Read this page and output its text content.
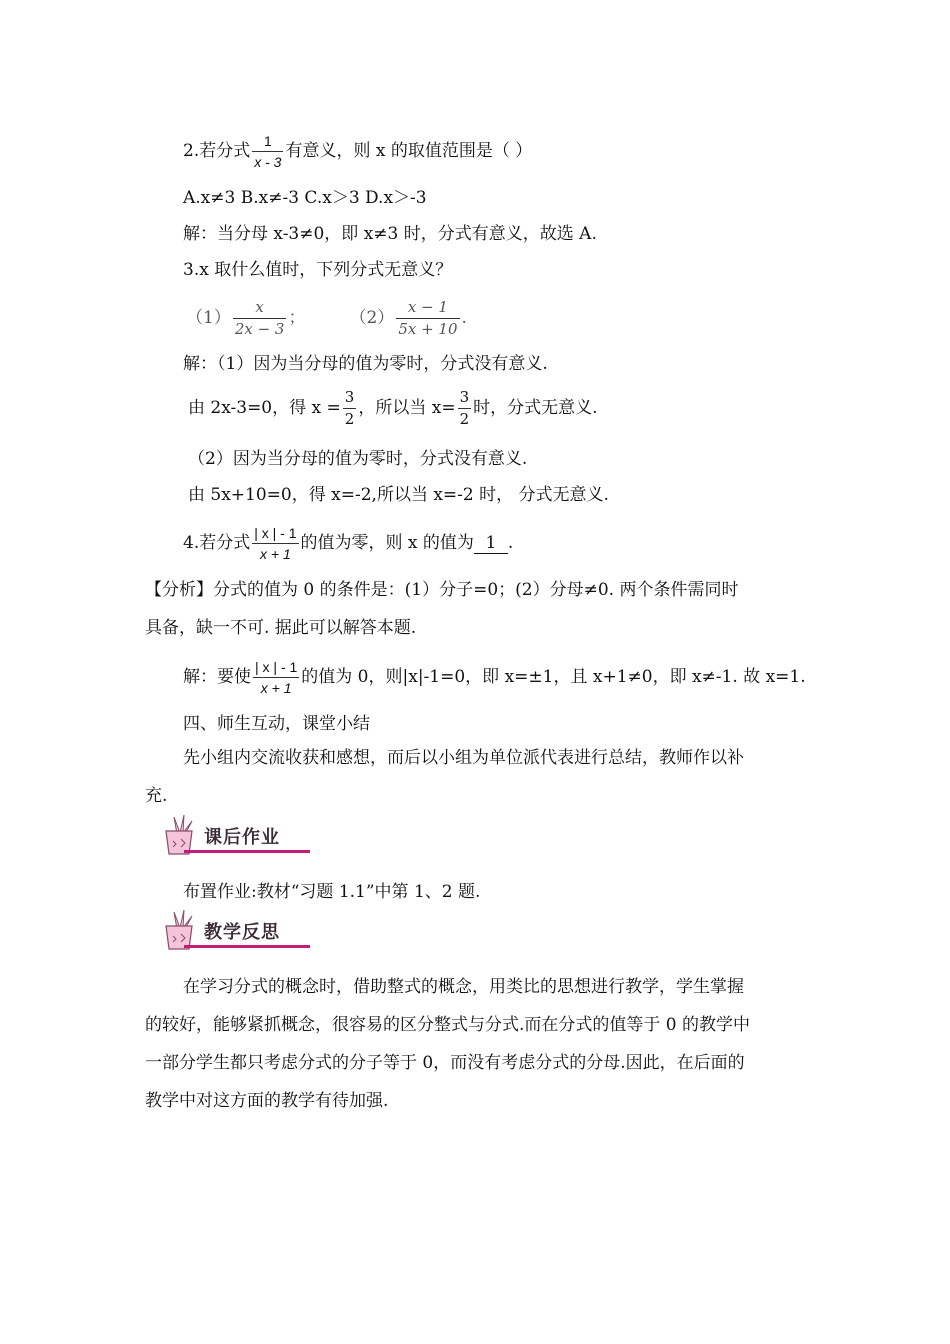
2.若分式 $\frac{1}{x - 3}$ 有意义，则 x 的取值范围是（ ）
A.x≠3 B.x≠-3 C.x＞3 D.x＞-3
解：当分母 x-3≠0，即 x≠3 时，分式有意义，故选 A.
3.x 取什么值时，下列分式无意义？
$(1) \frac{x}{2x - 3}$ ；	$(2) \frac{x - 1}{5x + 10}$ .
解：（1）因为当分母的值为零时，分式没有意义.
由 2x-3=0，得 $x = \frac{3}{2}$ ，所以当 $x= \frac{3}{2}$ 时，分式无意义.
（2）因为当分母的值为零时，分式没有意义.
由 5x+10=0，得 x=-2,所以当 x=-2 时， 分式无意义.
4.若分式 $\frac{| x | - 1}{x + 1}$ 的值为零，则 x 的值为 1 .
【分析】分式的值为 0 的条件是：(1）分子=0；(2）分母≠0. 两个条件需同时
具备，缺一不可. 据此可以解答本题.
解：要使 $\frac{| x | - 1}{x + 1}$ 的值为 0，则|x|-1=0，即 x=±1，且 x+1≠0，即 x≠-1. 故 x=1.
四、师生互动，课堂小结
先小组内交流收获和感想，而后以小组为单位派代表进行总结，教师作以补
充.
课后作业
布置作业:教材“习题 1.1”中第 1、2 题.
教学反思
在学习分式的概念时，借助整式的概念，用类比的思想进行教学，学生掌握
的较好，能够紧抓概念，很容易的区分整式与分式.而在分式的值等于 0 的教学中
一部分学生都只考虑分式的分子等于 0，而没有考虑分式的分母.因此，在后面的
教学中对这方面的教学有待加强.
